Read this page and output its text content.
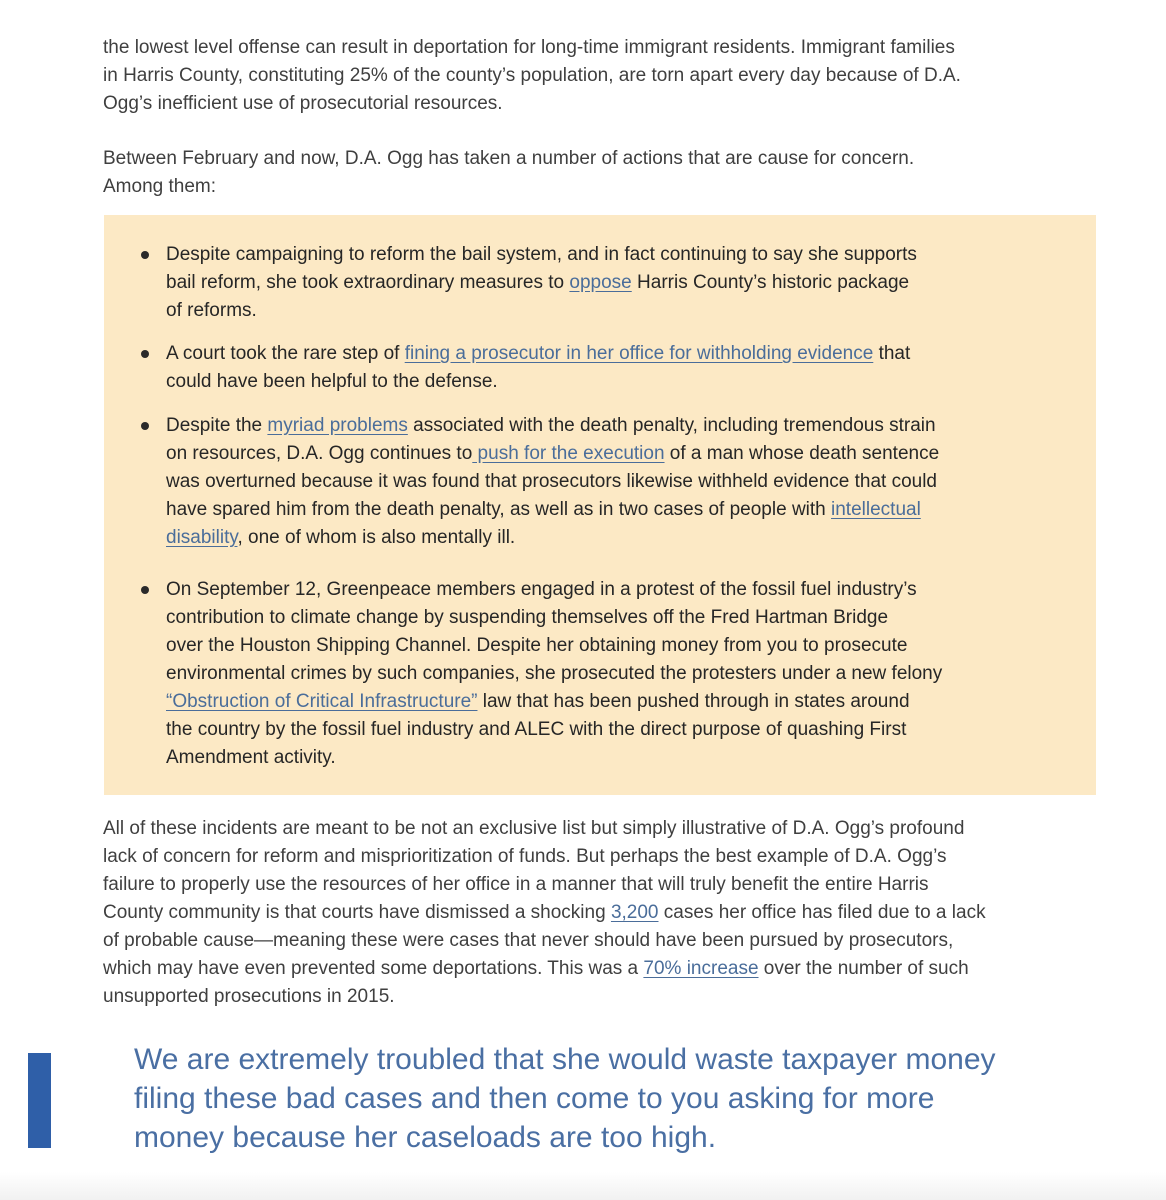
the lowest level offense can result in deportation for long-time immigrant residents. Immigrant families
in Harris County, constituting 25% of the county’s population, are torn apart every day because of D.A.
Ogg’s inefficient use of prosecutorial resources.

Between February and now, D.A. Ogg has taken a number of actions that are cause for concern.
Among them:

Despite campaigning to reform the bail system, and in fact continuing to say she supports
bail reform, she took extraordinary measures to oppose Harris County’s historic package
of reforms.
A court took the rare step of fining a prosecutor in her office for withholding evidence that
could have been helpful to the defense.
Despite the myriad problems associated with the death penalty, including tremendous strain
on resources, D.A. Ogg continues to push for the execution of a man whose death sentence
was overturned because it was found that prosecutors likewise withheld evidence that could
have spared him from the death penalty, as well as in two cases of people with intellectual
disability, one of whom is also mentally ill.
On September 12, Greenpeace members engaged in a protest of the fossil fuel industry’s
contribution to climate change by suspending themselves off the Fred Hartman Bridge
over the Houston Shipping Channel. Despite her obtaining money from you to prosecute
environmental crimes by such companies, she prosecuted the protesters under a new felony
“Obstruction of Critical Infrastructure” law that has been pushed through in states around
the country by the fossil fuel industry and ALEC with the direct purpose of quashing First
Amendment activity.

All of these incidents are meant to be not an exclusive list but simply illustrative of D.A. Ogg’s profound
lack of concern for reform and misprioritization of funds. But perhaps the best example of D.A. Ogg’s
failure to properly use the resources of her office in a manner that will truly benefit the entire Harris
County community is that courts have dismissed a shocking 3,200 cases her office has filed due to a lack
of probable cause—meaning these were cases that never should have been pursued by prosecutors,
which may have even prevented some deportations. This was a 70% increase over the number of such
unsupported prosecutions in 2015.

We are extremely troubled that she would waste taxpayer money
filing these bad cases and then come to you asking for more
money because her caseloads are too high.
